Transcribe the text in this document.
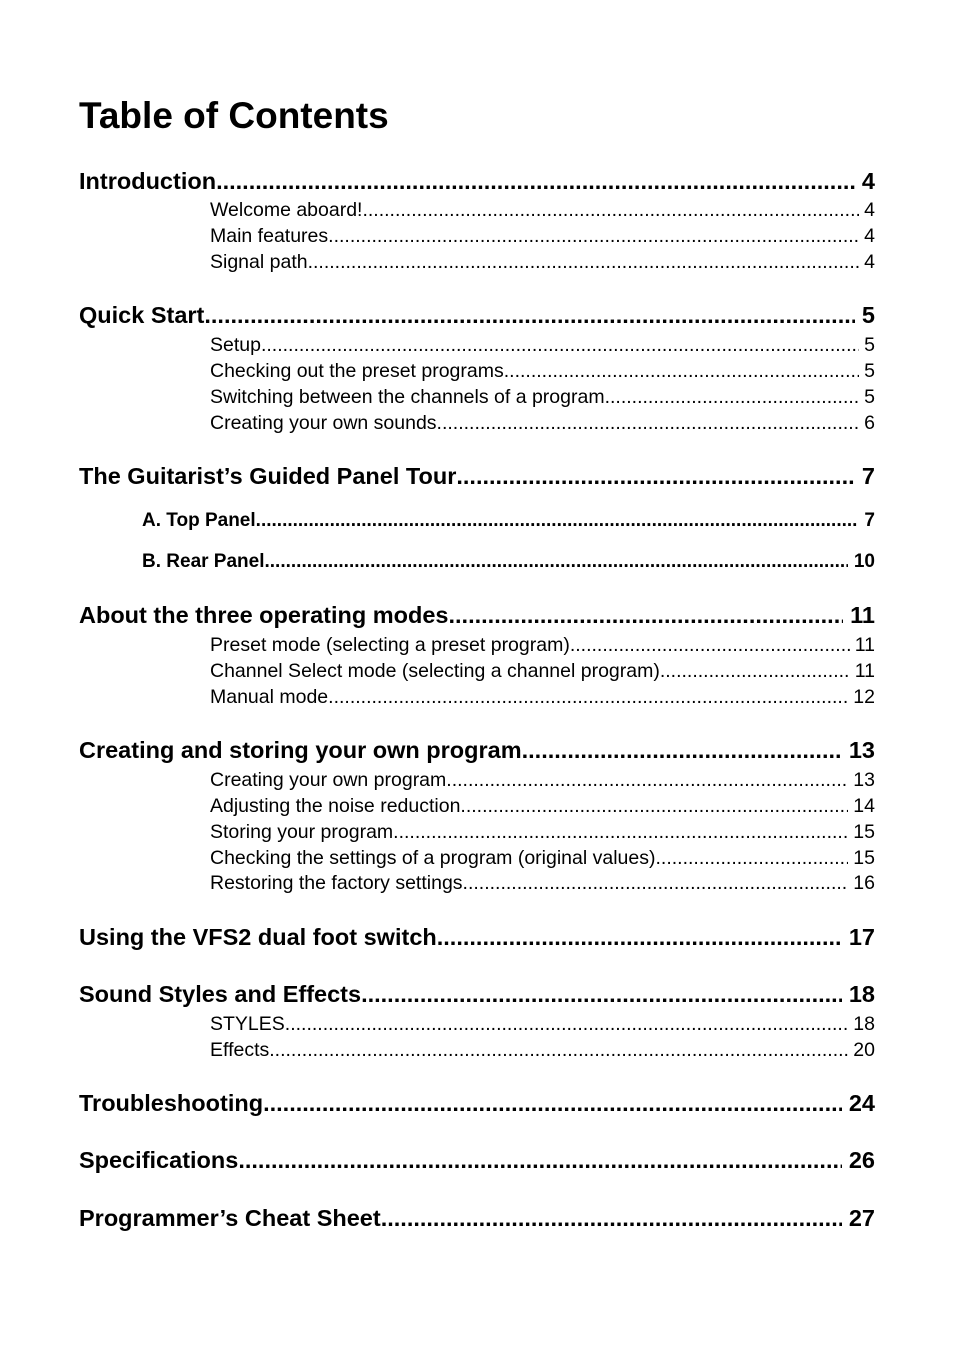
Table of Contents
Introduction .....	4
Welcome aboard! .....	4
Main features .....	4
Signal path .....	4
Quick Start .....	5
Setup .....	5
Checking out the preset programs .....	5
Switching between the channels of a program .....	5
Creating your own sounds .....	6
The Guitarist’s Guided Panel Tour .....	7
A. Top Panel .....	7
B. Rear Panel .....	10
About the three operating modes .....	11
Preset mode (selecting a preset program) .....	11
Channel Select mode (selecting a channel program) .....	11
Manual mode .....	12
Creating and storing your own program .....	13
Creating your own program .....	13
Adjusting the noise reduction .....	14
Storing your program .....	15
Checking the settings of a program (original values) .....	15
Restoring the factory settings .....	16
Using the VFS2 dual foot switch .....	17
Sound Styles and Effects .....	18
STYLES .....	18
Effects .....	20
Troubleshooting .....	24
Specifications .....	26
Programmer’s Cheat Sheet .....	27
